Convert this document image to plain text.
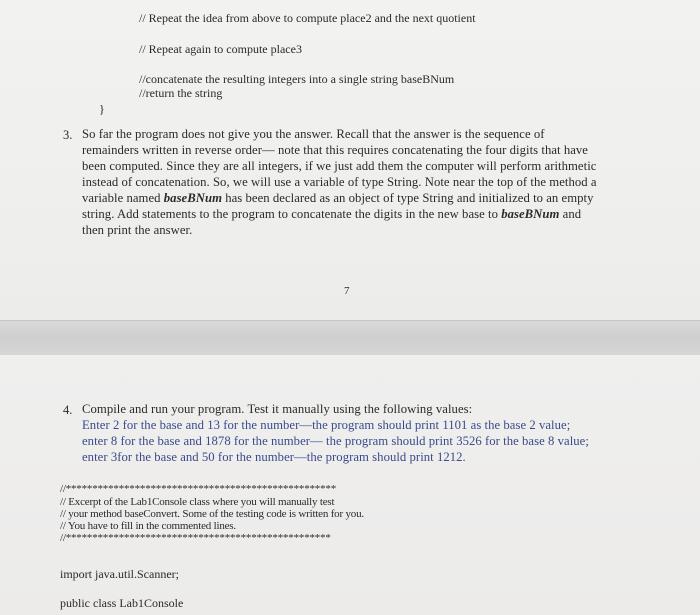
// Repeat the idea from above to compute place2 and the next quotient
// Repeat again to compute place3
//concatenate the resulting integers into a single string baseBNum
//return the string
}
3. So far the program does not give you the answer. Recall that the answer is the sequence of
remainders written in reverse order— note that this requires concatenating the four digits that have
been computed. Since they are all integers, if we just add them the computer will perform arithmetic
instead of concatenation. So, we will use a variable of type String. Note near the top of the method a
variable named baseBNum has been declared as an object of type String and initialized to an empty
string. Add statements to the program to concatenate the digits in the new base to baseBNum and
then print the answer.
7
4. Compile and run your program. Test it manually using the following values:
Enter 2 for the base and 13 for the number—the program should print 1101 as the base 2 value;
enter 8 for the base and 1878 for the number— the program should print 3526 for the base 8 value;
enter 3for the base and 50 for the number—the program should print 1212.
//***************************************************
// Excerpt of the Lab1Console class where you will manually test
// your method baseConvert. Some of the testing code is written for you.
// You have to fill in the commented lines.
//**************************************************
import java.util.Scanner;
public class Lab1Console
